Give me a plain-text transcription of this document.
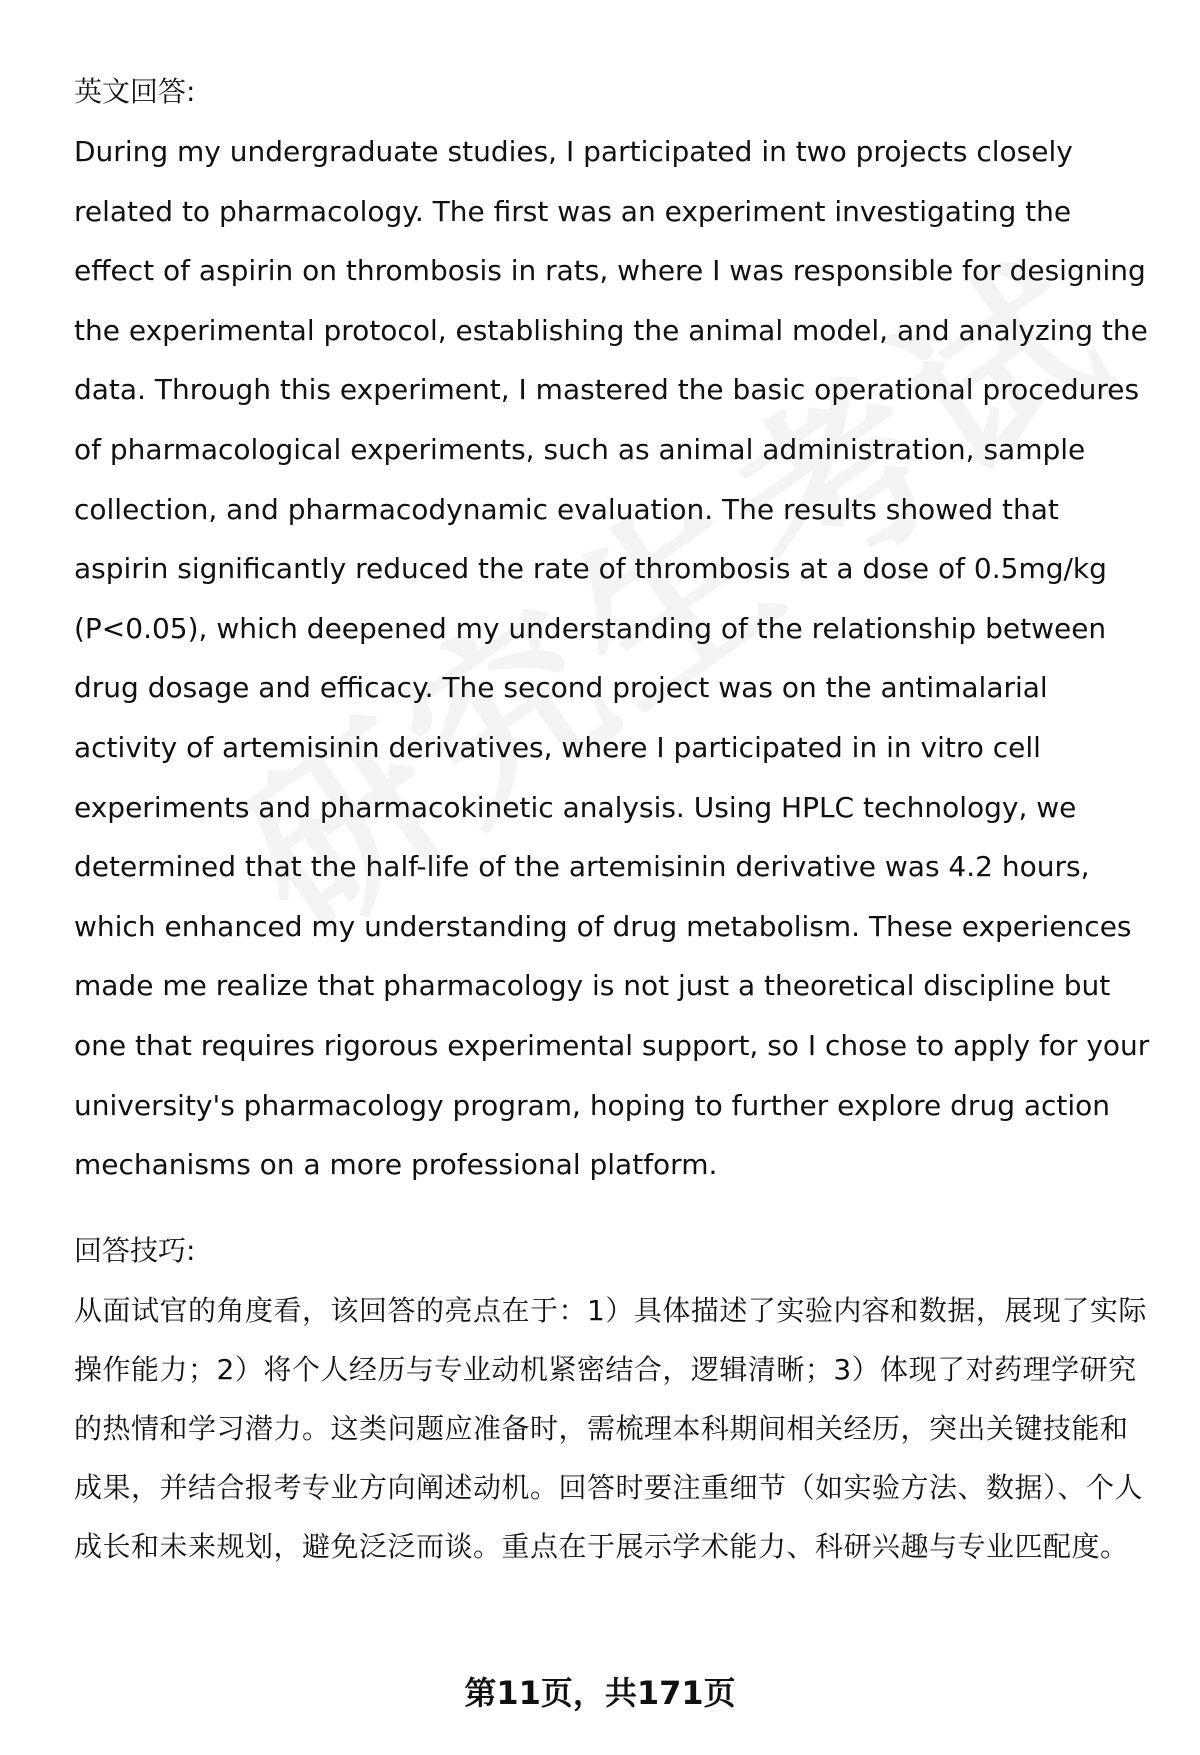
英文回答:

During my undergraduate studies, I participated in two projects closely related to pharmacology. The first was an experiment investigating the effect of aspirin on thrombosis in rats, where I was responsible for designing the experimental protocol, establishing the animal model, and analyzing the data. Through this experiment, I mastered the basic operational procedures of pharmacological experiments, such as animal administration, sample collection, and pharmacodynamic evaluation. The results showed that aspirin significantly reduced the rate of thrombosis at a dose of 0.5mg/kg (P<0.05), which deepened my understanding of the relationship between drug dosage and efficacy. The second project was on the antimalarial activity of artemisinin derivatives, where I participated in in vitro cell experiments and pharmacokinetic analysis. Using HPLC technology, we determined that the half-life of the artemisinin derivative was 4.2 hours, which enhanced my understanding of drug metabolism. These experiences made me realize that pharmacology is not just a theoretical discipline but one that requires rigorous experimental support, so I chose to apply for your university's pharmacology program, hoping to further explore drug action mechanisms on a more professional platform.

回答技巧:

从面试官的角度看，该回答的亮点在于：1）具体描述了实验内容和数据，展现了实际操作能力；2）将个人经历与专业动机紧密结合，逻辑清晰；3）体现了对药理学研究的热情和学习潜力。这类问题应准备时，需梳理本科期间相关经历，突出关键技能和成果，并结合报考专业方向阐述动机。回答时要注重细节（如实验方法、数据）、个人成长和未来规划，避免泛泛而谈。重点在于展示学术能力、科研兴趣与专业匹配度。

第11页，共171页
